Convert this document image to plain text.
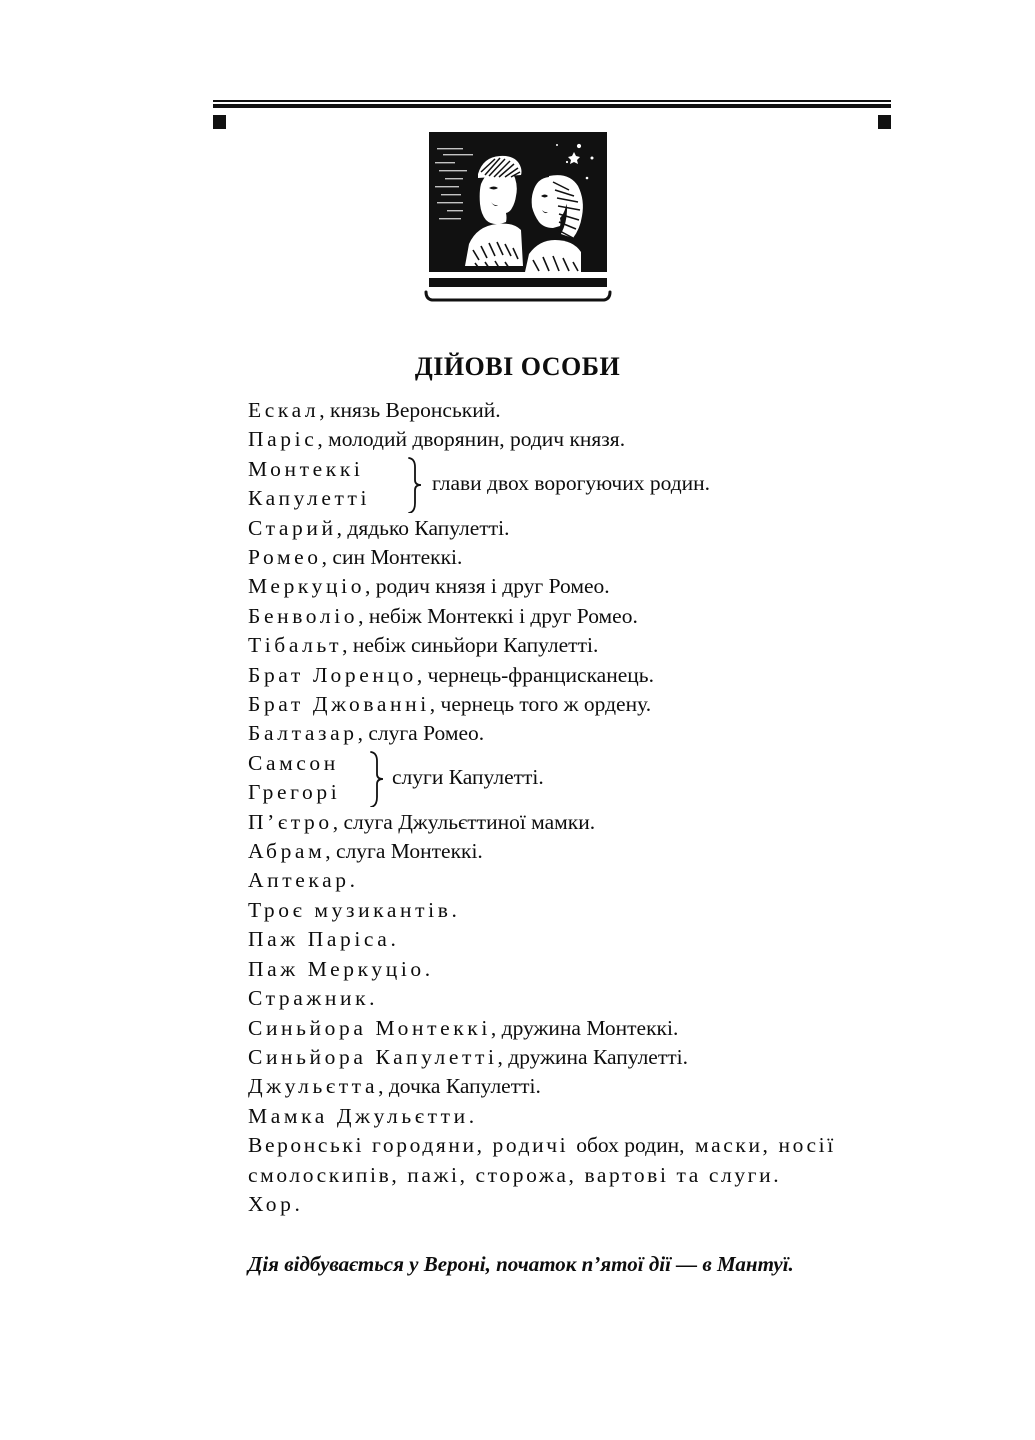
ДІЙОВІ ОСОБИ
Ескал, князь Веронський.
Паріс, молодий дворянин, родич князя.
Монтеккі
Капулетті
глави двох ворогуючих родин.
Старий, дядько Капулетті.
Ромео, син Монтеккі.
Меркуціо, родич князя і друг Ромео.
Бенволіо, небіж Монтеккі і друг Ромео.
Тібальт, небіж синьйори Капулетті.
Брат Лоренцо, чернець-францисканець.
Брат Джованні, чернець того ж ордену.
Балтазар, слуга Ромео.
Самсон
Грегорі
слуги Капулетті.
П’єтро, слуга Джульєттиної мамки.
Абрам, слуга Монтеккі.
Аптекар.
Троє музикантів.
Паж Паріса.
Паж Меркуціо.
Стражник.
Синьйора Монтеккі, дружина Монтеккі.
Синьйора Капулетті, дружина Капулетті.
Джульєтта, дочка Капулетті.
Мамка Джульєтти.
Веронські городяни, родичі обох родин, маски, носії смолоскипів, пажі, сторожа, вартові та слуги.
Хор.
Дія відбувається у Вероні, початок п’ятої дії — в Мантуї.
